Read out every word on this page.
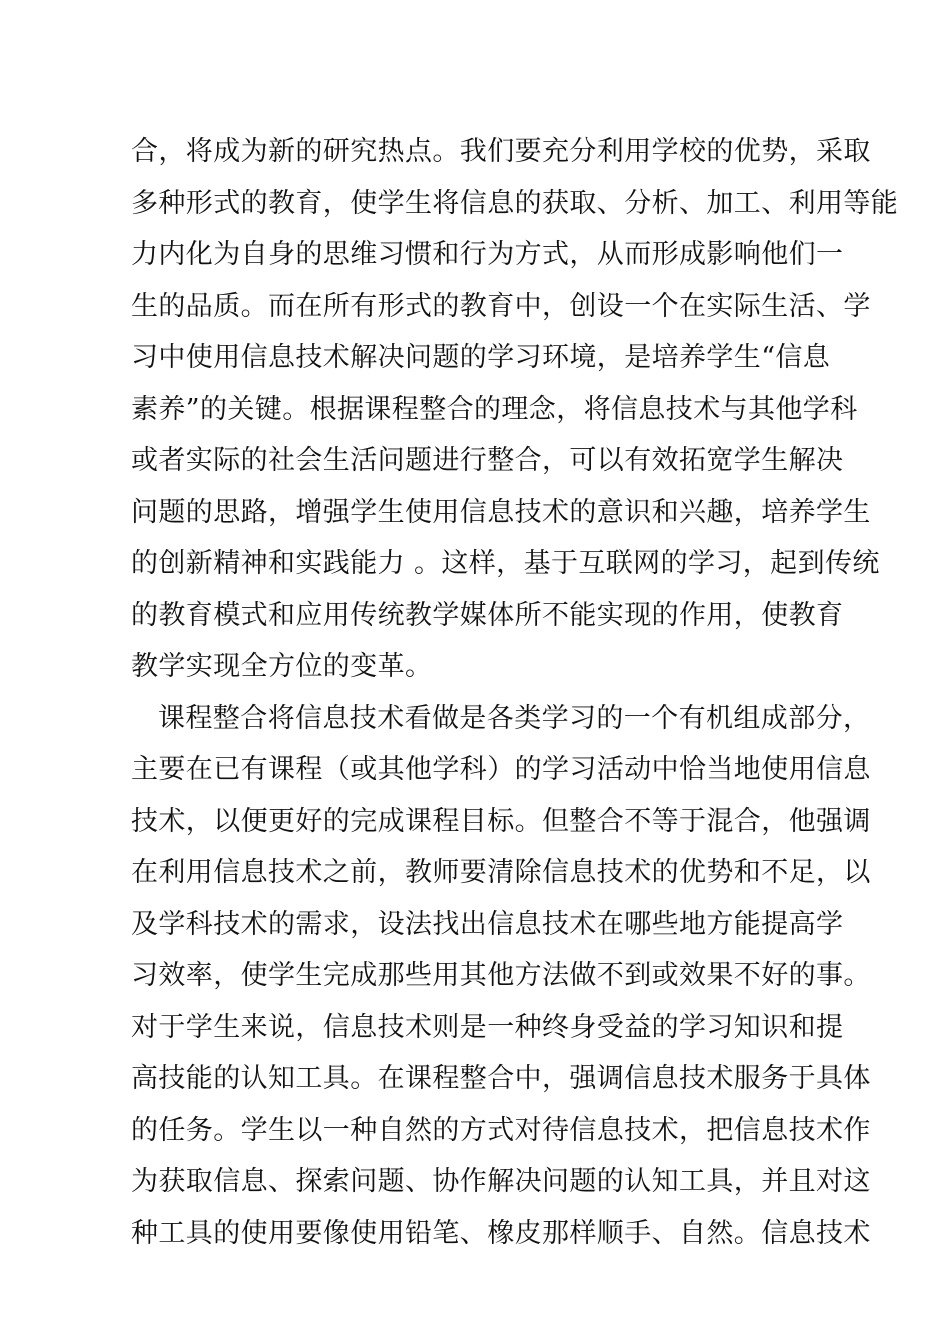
合，将成为新的研究热点。我们要充分利用学校的优势，采取
多种形式的教育，使学生将信息的获取、分析、加工、利用等能
力内化为自身的思维习惯和行为方式，从而形成影响他们一
生的品质。而在所有形式的教育中，创设一个在实际生活、学
习中使用信息技术解决问题的学习环境，是培养学生“信息
素养”的关键。根据课程整合的理念，将信息技术与其他学科
或者实际的社会生活问题进行整合，可以有效拓宽学生解决
问题的思路，增强学生使用信息技术的意识和兴趣，培养学生
的创新精神和实践能力 。这样，基于互联网的学习，起到传统
的教育模式和应用传统教学媒体所不能实现的作用，使教育
教学实现全方位的变革。
课程整合将信息技术看做是各类学习的一个有机组成部分，
主要在已有课程（或其他学科）的学习活动中恰当地使用信息
技术，以便更好的完成课程目标。但整合不等于混合，他强调
在利用信息技术之前，教师要清除信息技术的优势和不足，以
及学科技术的需求，设法找出信息技术在哪些地方能提高学
习效率，使学生完成那些用其他方法做不到或效果不好的事。
对于学生来说，信息技术则是一种终身受益的学习知识和提
高技能的认知工具。在课程整合中，强调信息技术服务于具体
的任务。学生以一种自然的方式对待信息技术，把信息技术作
为获取信息、探索问题、协作解决问题的认知工具，并且对这
种工具的使用要像使用铅笔、橡皮那样顺手、自然。信息技术
